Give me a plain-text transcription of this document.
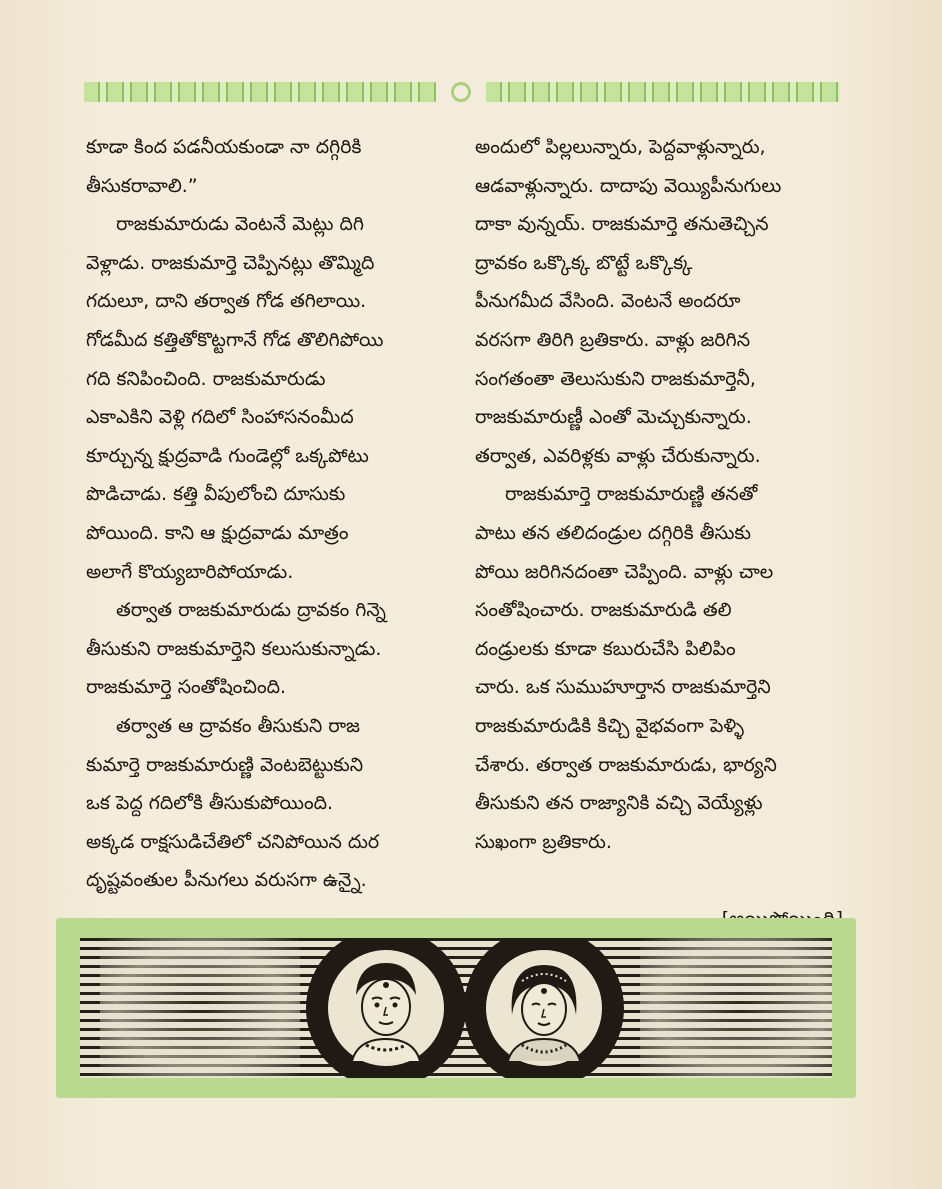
కూడా కింద పడనీయకుండా నా దగ్గిరికి
తీసుకరావాలి.”
రాజకుమారుడు వెంటనే మెట్లు దిగి
వెళ్లాడు. రాజకుమార్తె చెప్పినట్లు తొమ్మిది
గదులూ, దాని తర్వాత గోడ తగిలాయి.
గోడమీద కత్తితోకొట్టగానే గోడ తొలిగిపోయి
గది కనిపించింది. రాజకుమారుడు
ఎకాఎకిని వెళ్లి గదిలో సింహాసనంమీద
కూర్చున్న క్షుద్రవాడి గుండెల్లో ఒక్కపోటు
పొడిచాడు. కత్తి వీపులోంచి దూసుకు
పోయింది. కాని ఆ క్షుద్రవాడు మాత్రం
అలాగే కొయ్యబారిపోయాడు.
తర్వాత రాజకుమారుడు ద్రావకం గిన్నె
తీసుకుని రాజకుమార్తెని కలుసుకున్నాడు.
రాజకుమార్తె సంతోషించింది.
తర్వాత ఆ ద్రావకం తీసుకుని రాజ
కుమార్తె రాజకుమారుణ్ణి వెంటబెట్టుకుని
ఒక పెద్ద గదిలోకి తీసుకుపోయింది.
అక్కడ రాక్షసుడిచేతిలో చనిపోయిన దుర
దృష్టవంతుల పీనుగలు వరుసగా ఉన్నై.
అందులో పిల్లలున్నారు, పెద్దవాళ్లున్నారు,
ఆడవాళ్లున్నారు. దాదాపు వెయ్యిపీనుగులు
దాకా వున్నయ్. రాజకుమార్తె తనుతెచ్చిన
ద్రావకం ఒక్కొక్క బొట్టే ఒక్కొక్క
పీనుగమీద వేసింది. వెంటనే అందరూ
వరసగా తిరిగి బ్రతికారు. వాళ్లు జరిగిన
సంగతంతా తెలుసుకుని రాజకుమార్తెనీ,
రాజకుమారుణ్ణీ ఎంతో మెచ్చుకున్నారు.
తర్వాత, ఎవరిళ్లకు వాళ్లు చేరుకున్నారు.
రాజకుమార్తె రాజకుమారుణ్ణి తనతో
పాటు తన తలిదండ్రుల దగ్గిరికి తీసుకు
పోయి జరిగినదంతా చెప్పింది. వాళ్లు చాల
సంతోషించారు. రాజకుమారుడి తలి
దండ్రులకు కూడా కబురుచేసి పిలిపిం
చారు. ఒక సుముహూర్తాన రాజకుమార్తెని
రాజకుమారుడికి కిచ్చి వైభవంగా పెళ్ళి
చేశారు. తర్వాత రాజకుమారుడు, భార్యని
తీసుకుని తన రాజ్యానికి వచ్చి వెయ్యేళ్లు
సుఖంగా బ్రతికారు.
